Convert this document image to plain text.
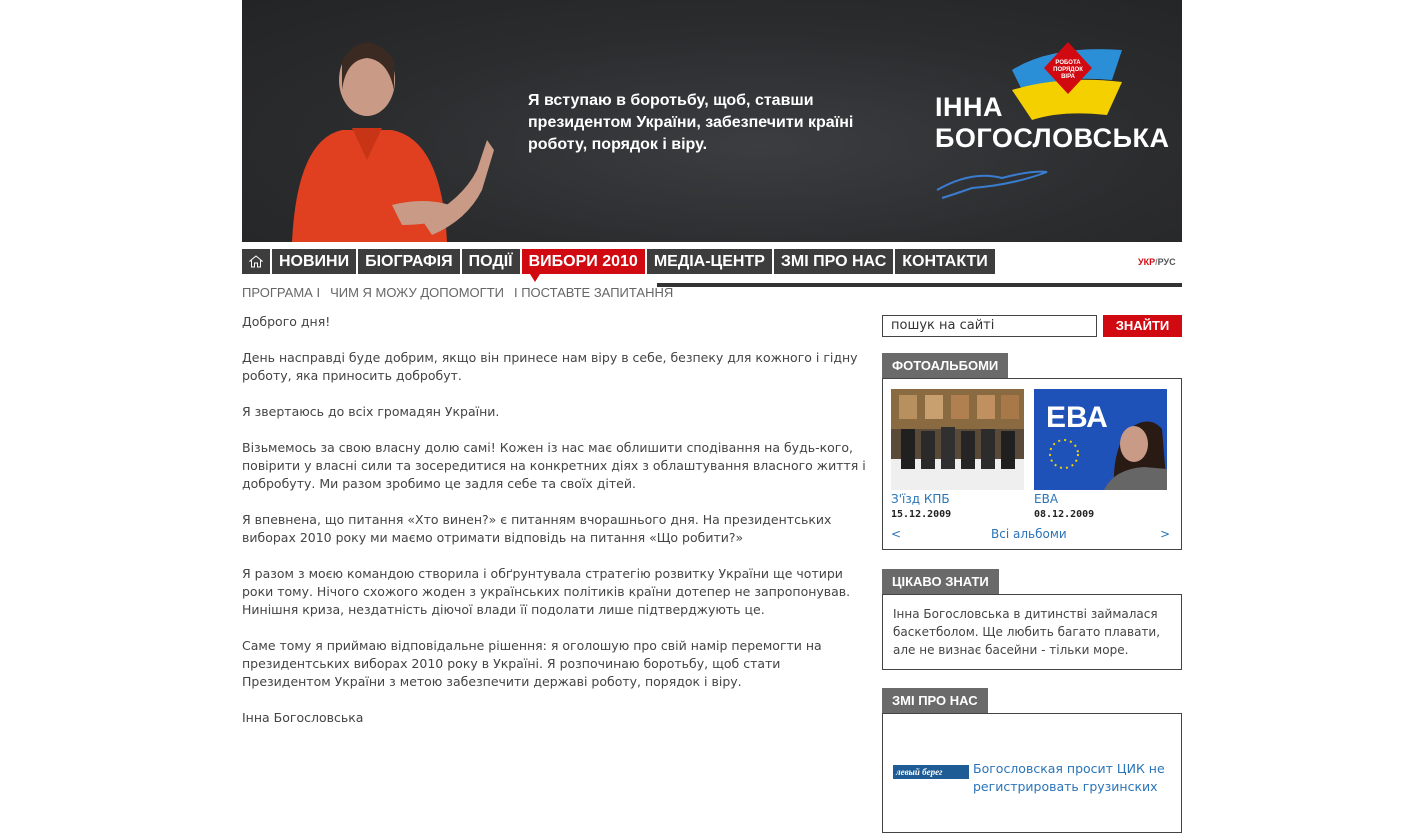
Я вступаю в боротьбу, щоб, ставши президентом України, забезпечити країні роботу, порядок і віру.
РОБОТА
ПОРЯДОК
ВІРА
ІННА
БОГОСЛОВСЬКА
НОВИНИ	БІОГРАФІЯ	ПОДІЇ	ВИБОРИ 2010	МЕДІА-ЦЕНТР	ЗМІ ПРО НАС	КОНТАКТИ	УКР/РУС
ПРОГРАМА І ЧИМ Я МОЖУ ДОПОМОГТИ І ПОСТАВТЕ ЗАПИТАННЯ

Доброго дня!

День насправді буде добрим, якщо він принесе нам віру в себе, безпеку для кожного і гідну роботу, яка приносить добробут.

Я звертаюсь до всіх громадян України.

Візьмемось за свою власну долю самі! Кожен із нас має облишити сподівання на будь-кого, повірити у власні сили та зосередитися на конкретних діях з облаштування власного життя і добробуту. Ми разом зробимо це задля себе та своїх дітей.

Я впевнена, що питання «Хто винен?» є питанням вчорашнього дня. На президентських виборах 2010 року ми маємо отримати відповідь на питання «Що робити?»

Я разом з моєю командою створила і обґрунтувала стратегію розвитку України ще чотири роки тому. Нічого схожого жоден з українських політиків країни дотепер не запропонував. Нинішня криза, нездатність діючої влади її подолати лише підтверджують це.

Саме тому я приймаю відповідальне рішення: я оголошую про свій намір перемогти на президентських виборах 2010 року в Україні. Я розпочинаю боротьбу, щоб стати Президентом України з метою забезпечити державі роботу, порядок і віру.

Інна Богословська

пошук на сайті	ЗНАЙТИ
ФОТОАЛЬБОМИ
ЕВА
З'їзд КПБ
15.12.2009
ЕВА
08.12.2009
<	Всі альбоми	>
ЦІКАВО ЗНАТИ
Інна Богословська в дитинстві займалася баскетболом. Ще любить багато плавати, але не визнає басейни - тільки море.
ЗМІ ПРО НАС
левый берег	Богословская просит ЦИК не регистрировать грузинских
